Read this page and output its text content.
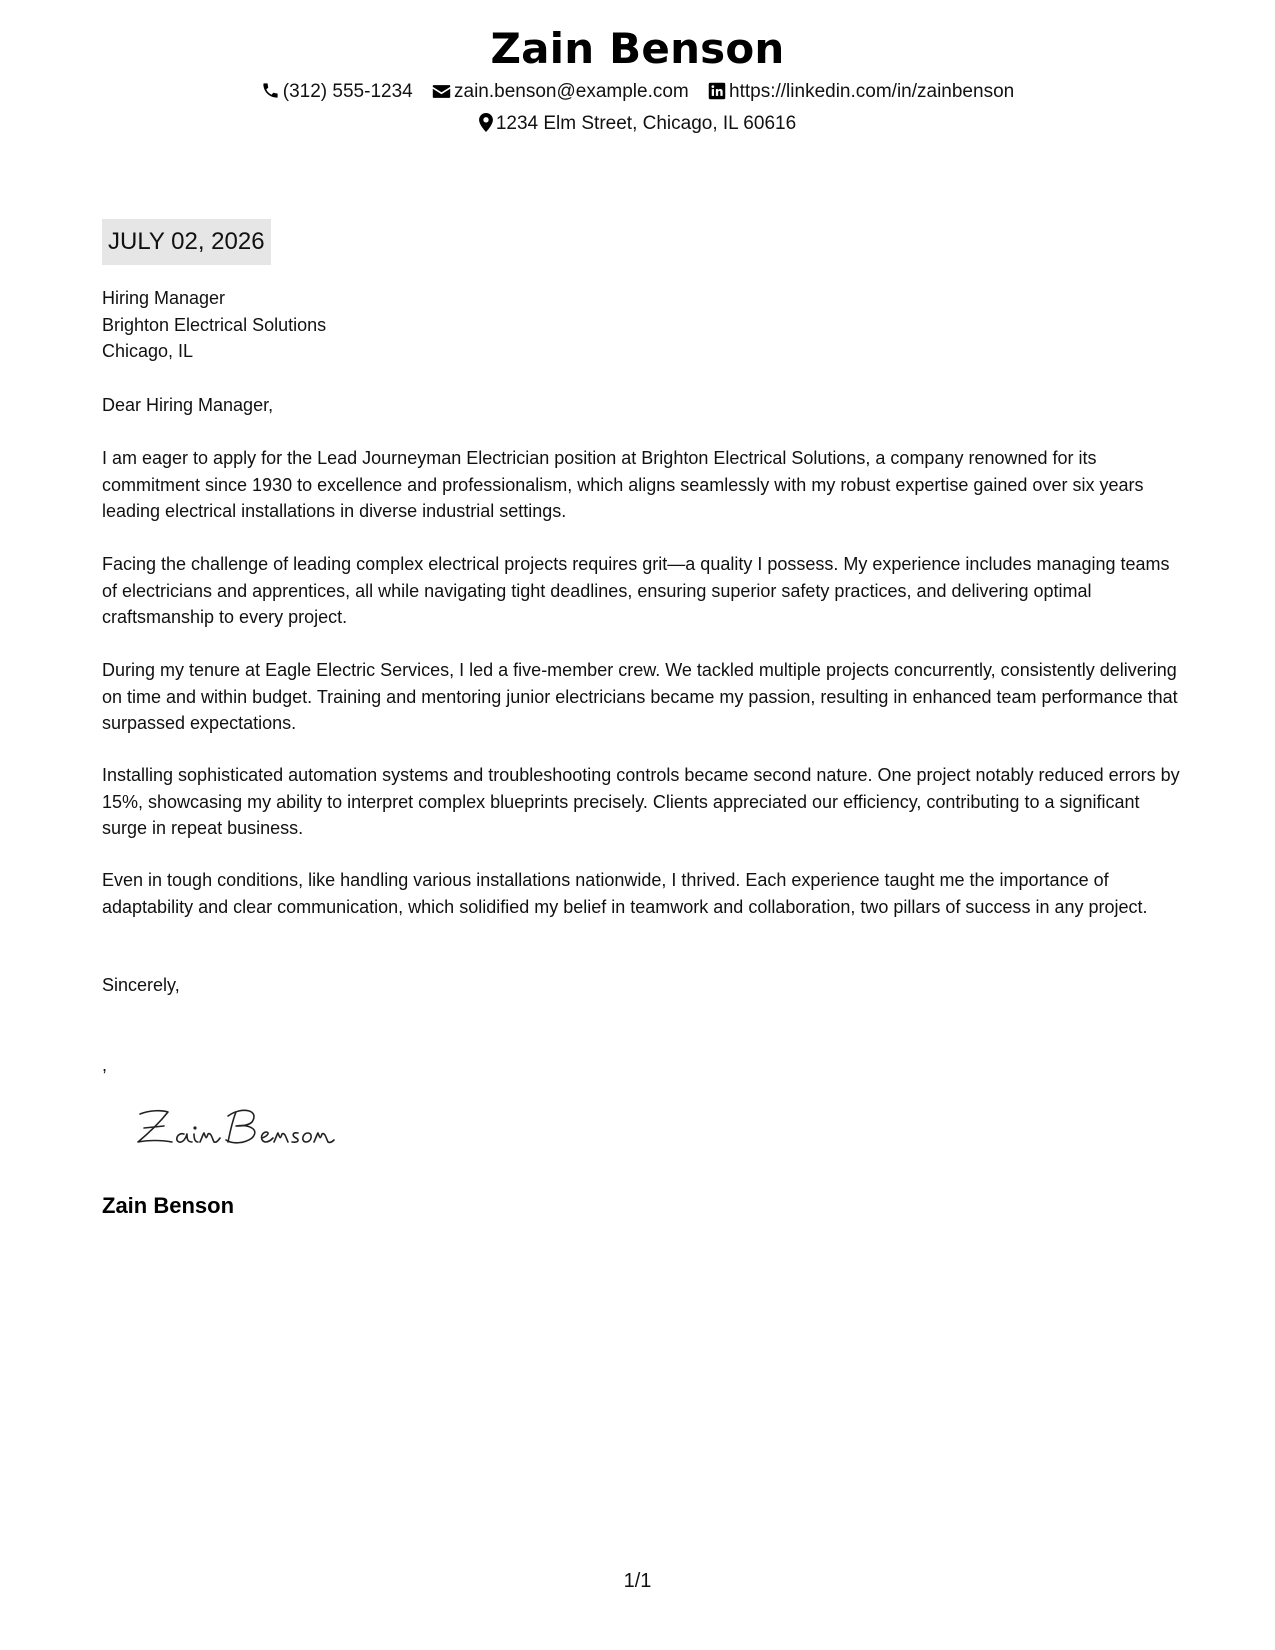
Zain Benson
(312) 555-1234 zain.benson@example.com https://linkedin.com/in/zainbenson
1234 Elm Street, Chicago, IL 60616
JULY 02, 2026
Hiring Manager
Brighton Electrical Solutions
Chicago, IL
Dear Hiring Manager,

I am eager to apply for the Lead Journeyman Electrician position at Brighton Electrical Solutions, a company renowned for its commitment since 1930 to excellence and professionalism, which aligns seamlessly with my robust expertise gained over six years leading electrical installations in diverse industrial settings.

Facing the challenge of leading complex electrical projects requires grit—a quality I possess. My experience includes managing teams of electricians and apprentices, all while navigating tight deadlines, ensuring superior safety practices, and delivering optimal craftsmanship to every project.

During my tenure at Eagle Electric Services, I led a five-member crew. We tackled multiple projects concurrently, consistently delivering on time and within budget. Training and mentoring junior electricians became my passion, resulting in enhanced team performance that surpassed expectations.

Installing sophisticated automation systems and troubleshooting controls became second nature. One project notably reduced errors by 15%, showcasing my ability to interpret complex blueprints precisely. Clients appreciated our efficiency, contributing to a significant surge in repeat business.

Even in tough conditions, like handling various installations nationwide, I thrived. Each experience taught me the importance of adaptability and clear communication, which solidified my belief in teamwork and collaboration, two pillars of success in any project.

Sincerely,
,
Zain Benson
1/1
